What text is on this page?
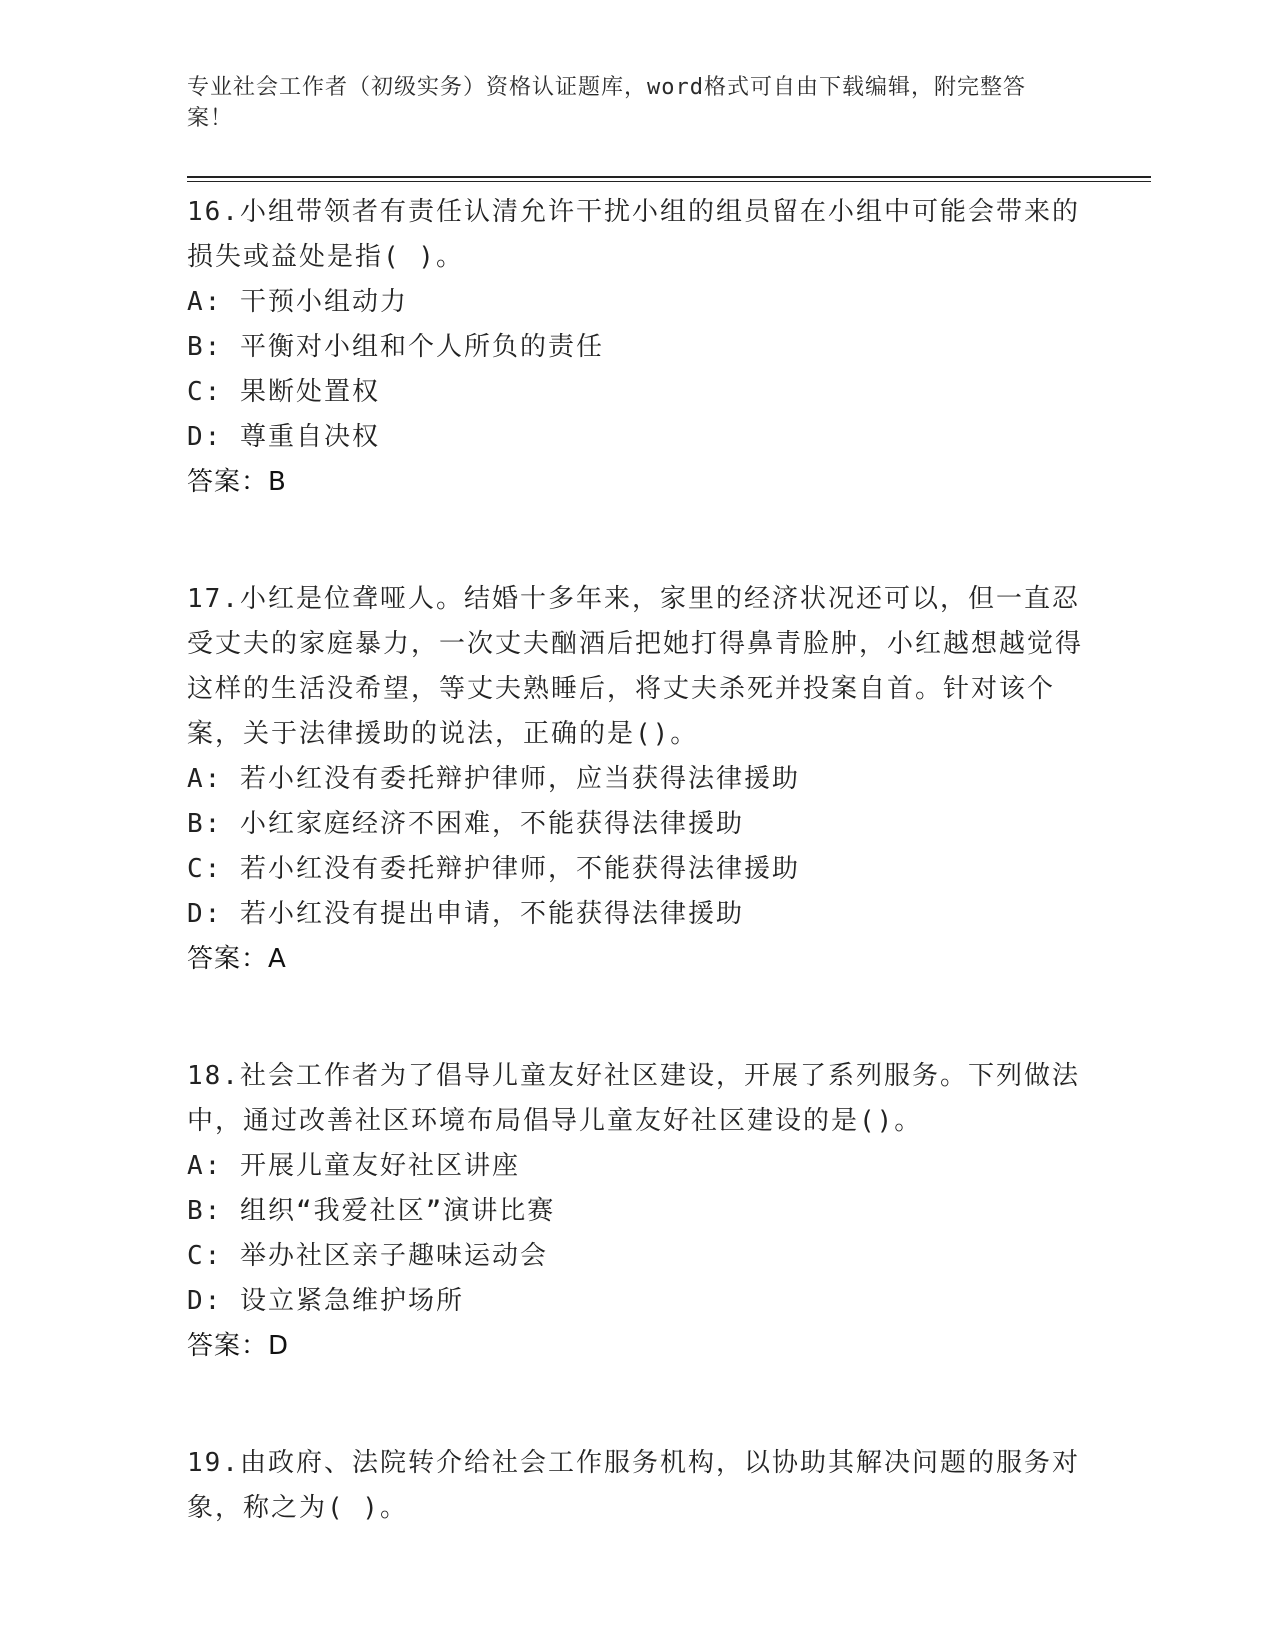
专业社会工作者（初级实务）资格认证题库，word格式可自由下载编辑，附完整答案！
16.小组带领者有责任认清允许干扰小组的组员留在小组中可能会带来的损失或益处是指( )。
A: 干预小组动力
B: 平衡对小组和个人所负的责任
C: 果断处置权
D: 尊重自决权
答案：B
17.小红是位聋哑人。结婚十多年来，家里的经济状况还可以，但一直忍受丈夫的家庭暴力，一次丈夫酗酒后把她打得鼻青脸肿，小红越想越觉得这样的生活没希望，等丈夫熟睡后，将丈夫杀死并投案自首。针对该个案，关于法律援助的说法，正确的是()。
A: 若小红没有委托辩护律师，应当获得法律援助
B: 小红家庭经济不困难，不能获得法律援助
C: 若小红没有委托辩护律师，不能获得法律援助
D: 若小红没有提出申请，不能获得法律援助
答案：A
18.社会工作者为了倡导儿童友好社区建设，开展了系列服务。下列做法中，通过改善社区环境布局倡导儿童友好社区建设的是()。
A: 开展儿童友好社区讲座
B: 组织“我爱社区”演讲比赛
C: 举办社区亲子趣味运动会
D: 设立紧急维护场所
答案：D
19.由政府、法院转介给社会工作服务机构，以协助其解决问题的服务对象，称之为( )。
